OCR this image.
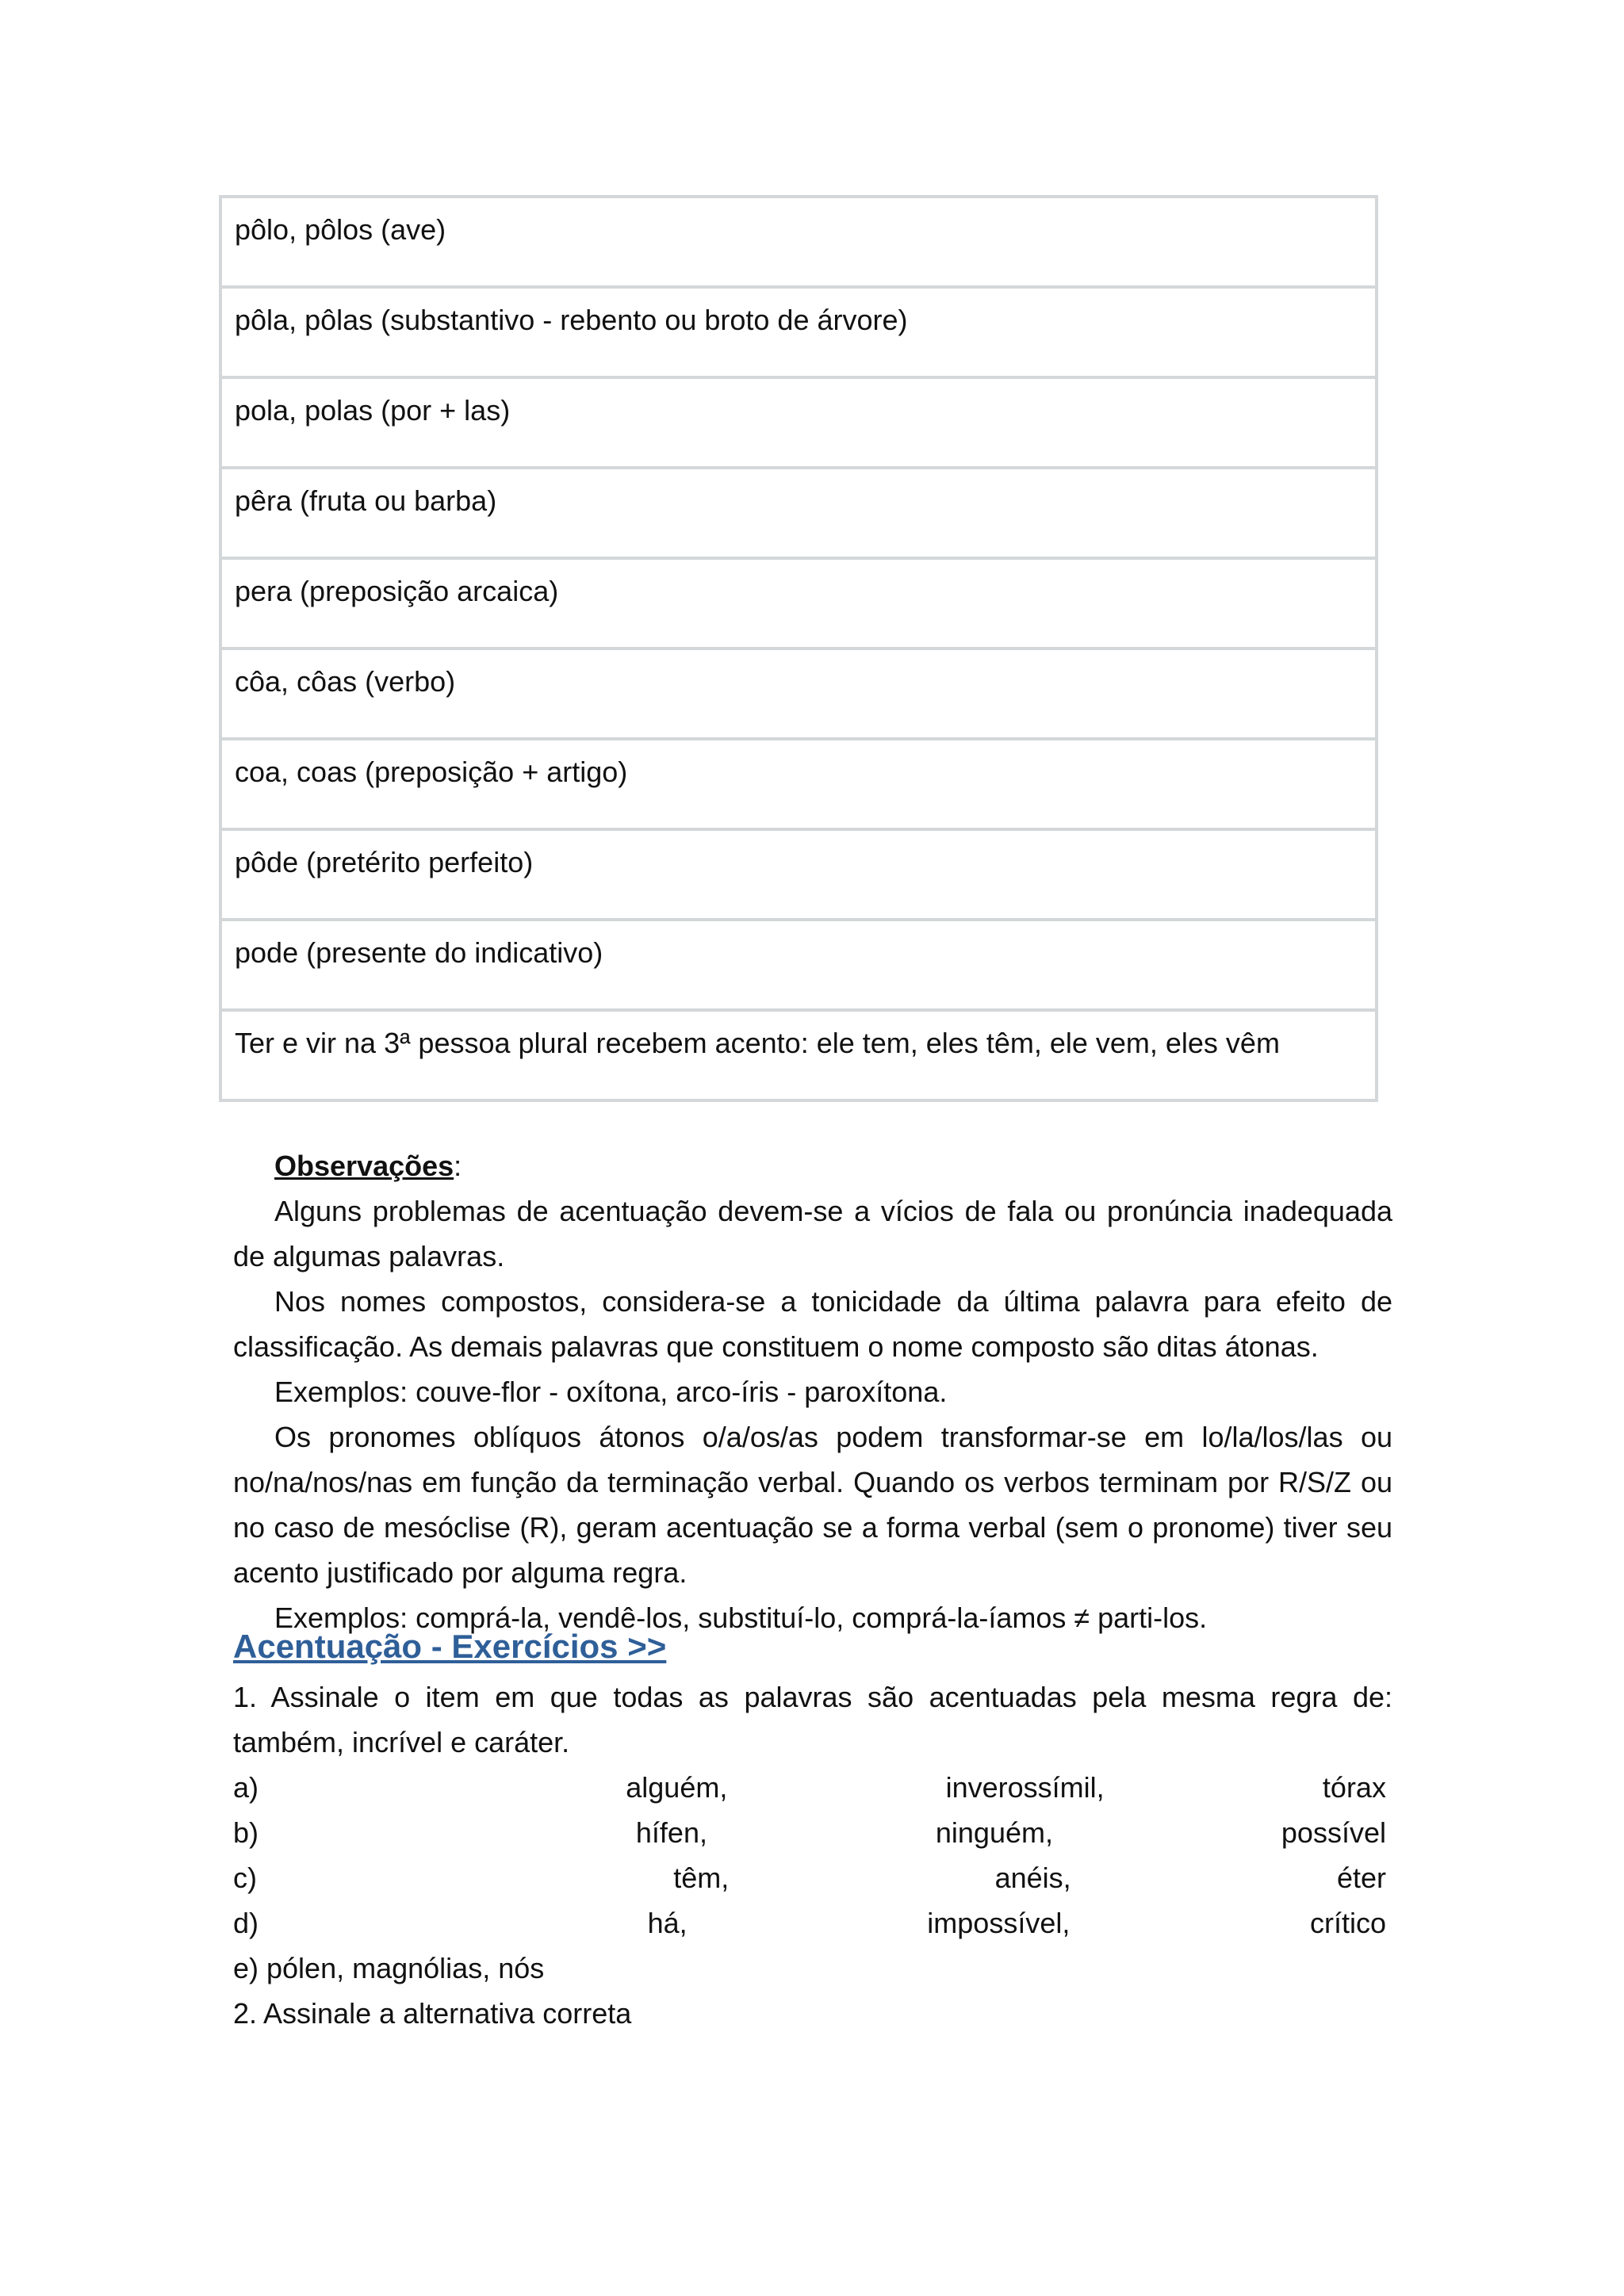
pôlo, pôlos (ave)
pôla, pôlas (substantivo - rebento ou broto de árvore)
pola, polas (por + las)
pêra (fruta ou barba)
pera (preposição arcaica)
côa, côas (verbo)
coa, coas (preposição + artigo)
pôde (pretérito perfeito)
pode (presente do indicativo)
Ter e vir na 3ª pessoa plural recebem acento: ele tem, eles têm, ele vem, eles vêm

Observações:

Alguns problemas de acentuação devem-se a vícios de fala ou pronúncia inadequada de algumas palavras.

Nos nomes compostos, considera-se a tonicidade da última palavra para efeito de classificação. As demais palavras que constituem o nome composto são ditas átonas.

Exemplos: couve-flor - oxítona, arco-íris - paroxítona.

Os pronomes oblíquos átonos o/a/os/as podem transformar-se em lo/la/los/las ou no/na/nos/nas em função da terminação verbal. Quando os verbos terminam por R/S/Z ou no caso de mesóclise (R), geram acentuação se a forma verbal (sem o pronome) tiver seu acento justificado por alguma regra.

Exemplos: comprá-la, vendê-los, substituí-lo, comprá-la-íamos ≠ parti-los.

Acentuação - Exercícios >>

1. Assinale o item em que todas as palavras são acentuadas pela mesma regra de: também, incrível e caráter.

a)	alguém,	inverossímil,	tórax
b)	hífen,	ninguém,	possível
c)	têm,	anéis,	éter
d)	há,	impossível,	crítico

e) pólen, magnólias, nós

2. Assinale a alternativa correta
